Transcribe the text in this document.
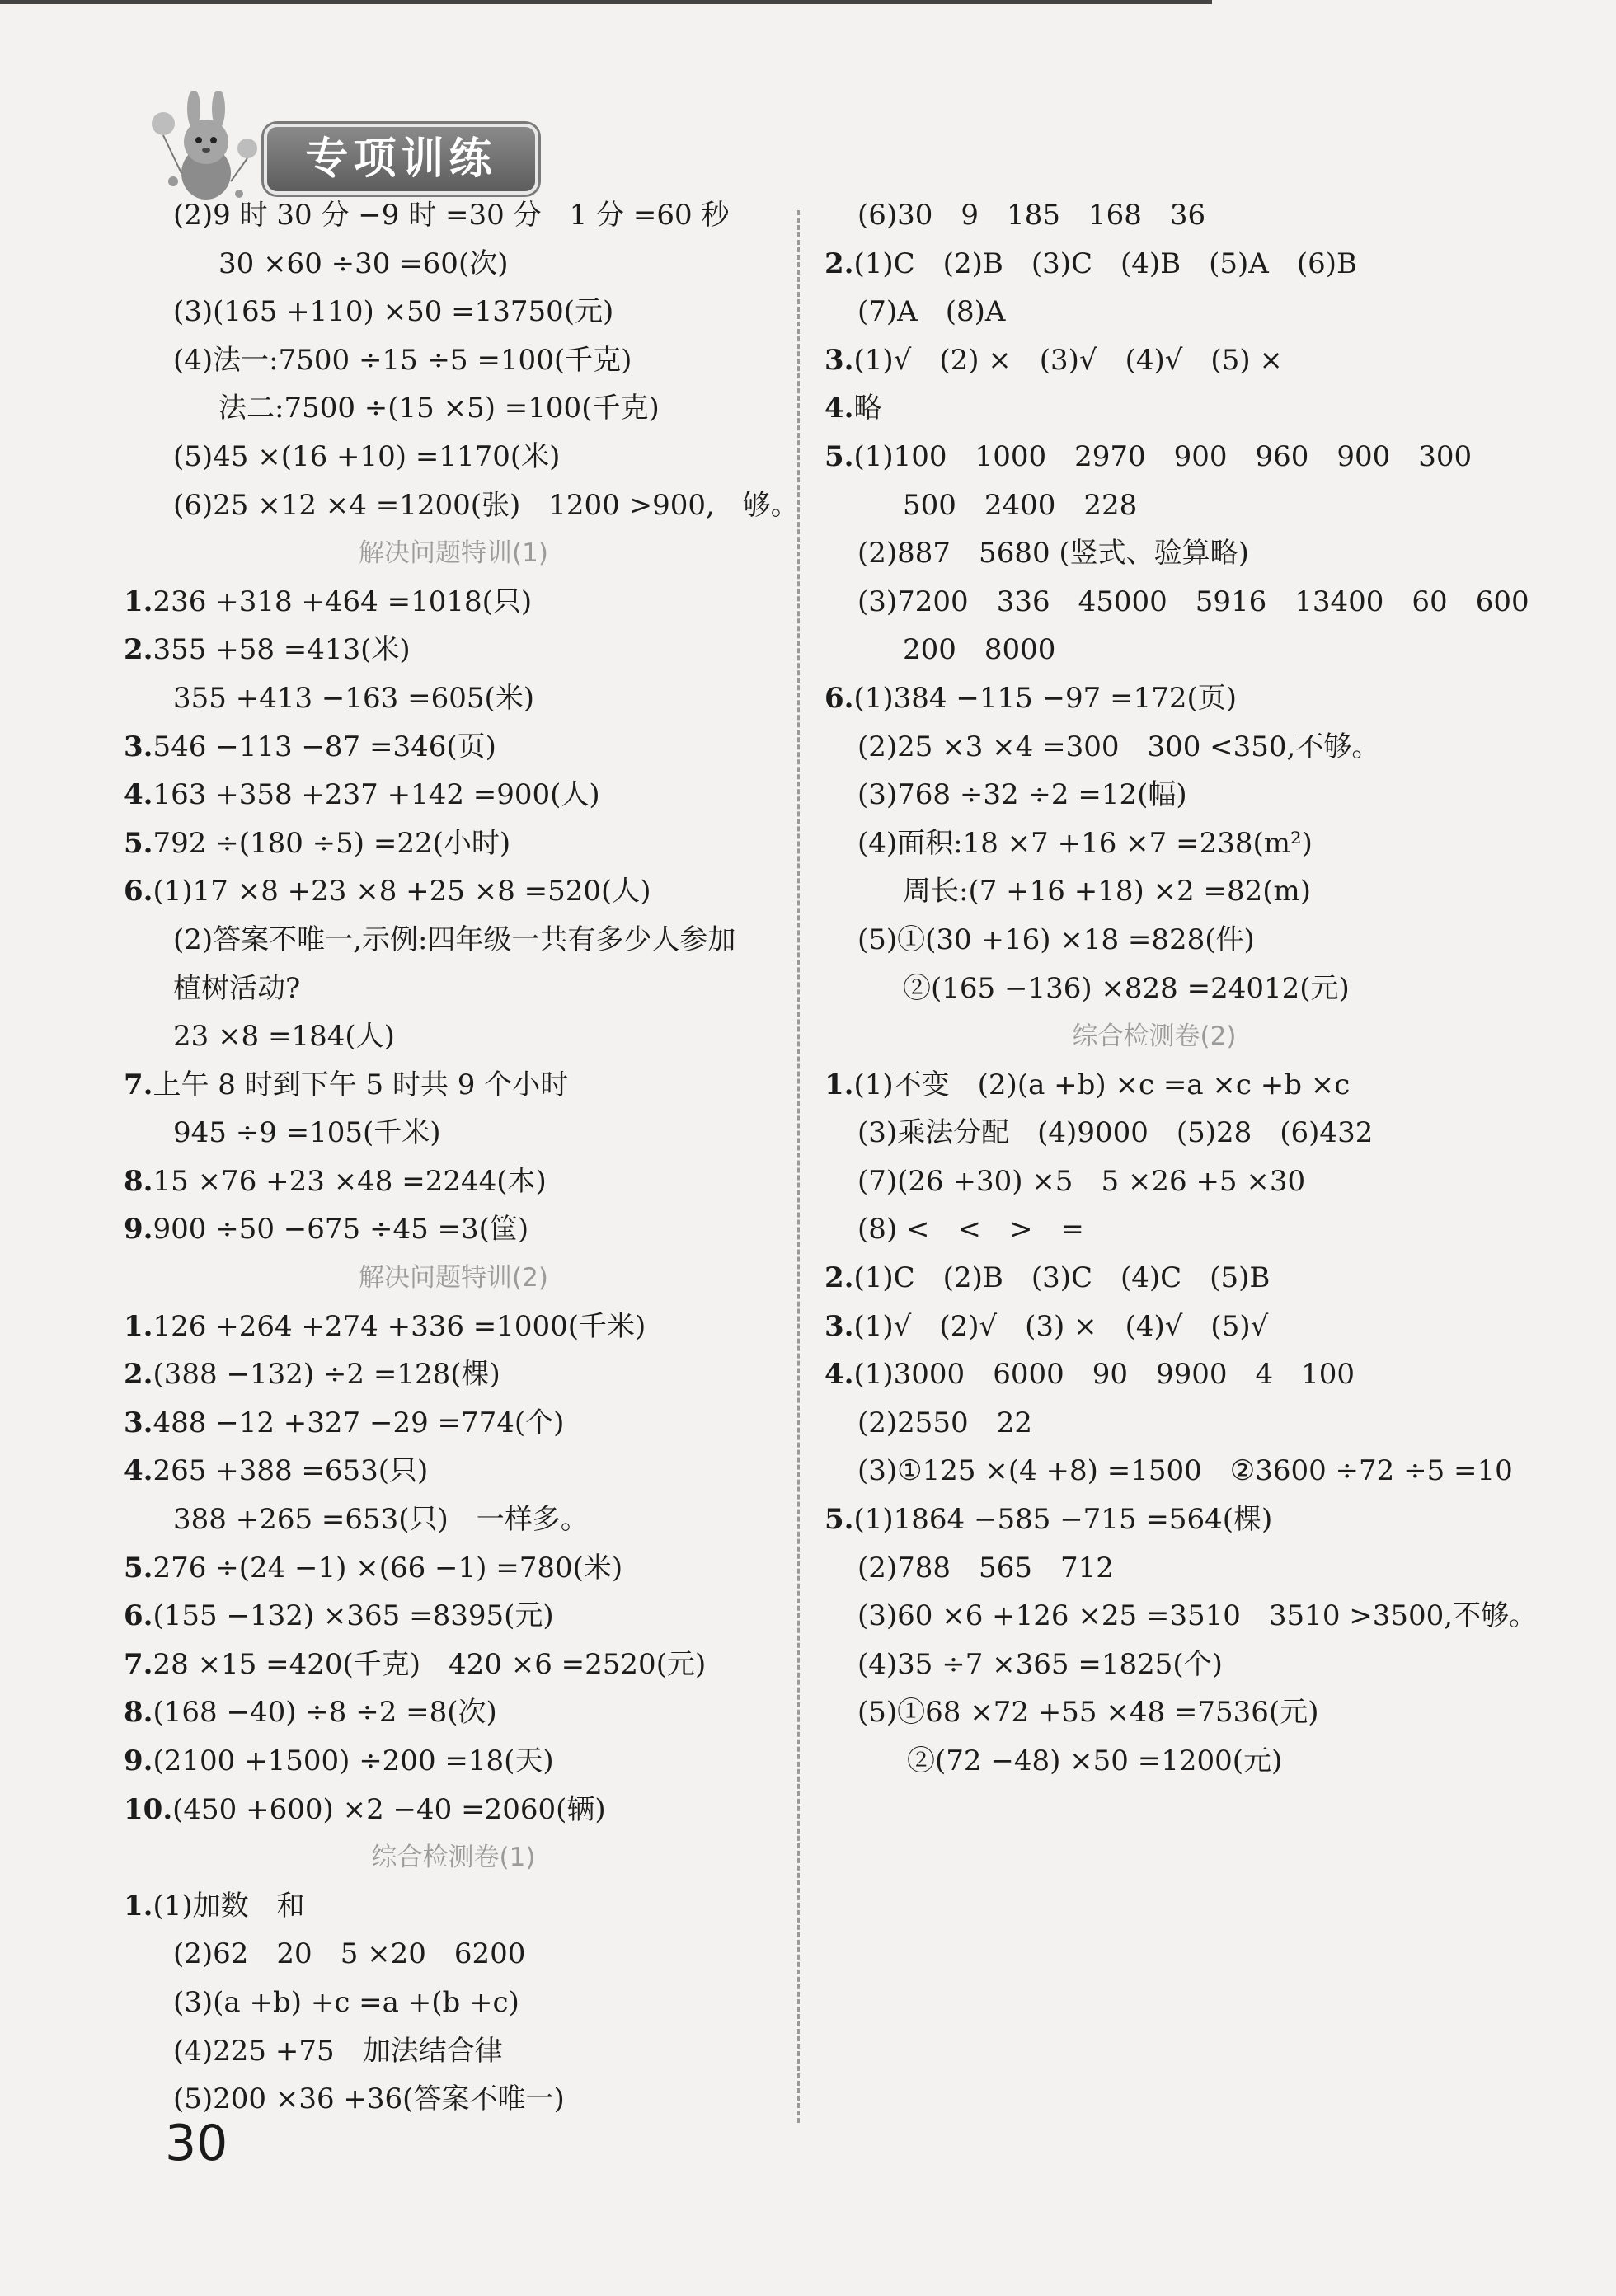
专项训练
(2)9 时 30 分 −9 时 =30 分　1 分 =60 秒
30 ×60 ÷30 =60(次)
(3)(165 +110) ×50 =13750(元)
(4)法一:7500 ÷15 ÷5 =100(千克)
法二:7500 ÷(15 ×5) =100(千克)
(5)45 ×(16 +10) =1170(米)
(6)25 ×12 ×4 =1200(张)　1200 >900,　够。
解决问题特训(1)
1.236 +318 +464 =1018(只)
2.355 +58 =413(米)
355 +413 −163 =605(米)
3.546 −113 −87 =346(页)
4.163 +358 +237 +142 =900(人)
5.792 ÷(180 ÷5) =22(小时)
6.(1)17 ×8 +23 ×8 +25 ×8 =520(人)
(2)答案不唯一,示例:四年级一共有多少人参加
植树活动?
23 ×8 =184(人)
7.上午 8 时到下午 5 时共 9 个小时
945 ÷9 =105(千米)
8.15 ×76 +23 ×48 =2244(本)
9.900 ÷50 −675 ÷45 =3(筐)
解决问题特训(2)
1.126 +264 +274 +336 =1000(千米)
2.(388 −132) ÷2 =128(棵)
3.488 −12 +327 −29 =774(个)
4.265 +388 =653(只)
388 +265 =653(只)　一样多。
5.276 ÷(24 −1) ×(66 −1) =780(米)
6.(155 −132) ×365 =8395(元)
7.28 ×15 =420(千克)　420 ×6 =2520(元)
8.(168 −40) ÷8 ÷2 =8(次)
9.(2100 +1500) ÷200 =18(天)
10.(450 +600) ×2 −40 =2060(辆)
综合检测卷(1)
1.(1)加数　和
(2)62　20　5 ×20　6200
(3)(a +b) +c =a +(b +c)
(4)225 +75　加法结合律
(5)200 ×36 +36(答案不唯一)
(6)30　9　185　168　36
2.(1)C　(2)B　(3)C　(4)B　(5)A　(6)B
(7)A　(8)A
3.(1)√　(2) ×　(3)√　(4)√　(5) ×
4.略
5.(1)100　1000　2970　900　960　900　300
500　2400　228
(2)887　5680 (竖式、验算略)
(3)7200　336　45000　5916　13400　60　600
200　8000
6.(1)384 −115 −97 =172(页)
(2)25 ×3 ×4 =300　300 <350,不够。
(3)768 ÷32 ÷2 =12(幅)
(4)面积:18 ×7 +16 ×7 =238(m²)
周长:(7 +16 +18) ×2 =82(m)
(5)①(30 +16) ×18 =828(件)
②(165 −136) ×828 =24012(元)
综合检测卷(2)
1.(1)不变　(2)(a +b) ×c =a ×c +b ×c
(3)乘法分配　(4)9000　(5)28　(6)432
(7)(26 +30) ×5　5 ×26 +5 ×30
(8) <　<　>　=
2.(1)C　(2)B　(3)C　(4)C　(5)B
3.(1)√　(2)√　(3) ×　(4)√　(5)√
4.(1)3000　6000　90　9900　4　100
(2)2550　22
(3)①125 ×(4 +8) =1500　②3600 ÷72 ÷5 =10
5.(1)1864 −585 −715 =564(棵)
(2)788　565　712
(3)60 ×6 +126 ×25 =3510　3510 >3500,不够。
(4)35 ÷7 ×365 =1825(个)
(5)①68 ×72 +55 ×48 =7536(元)
②(72 −48) ×50 =1200(元)
30
